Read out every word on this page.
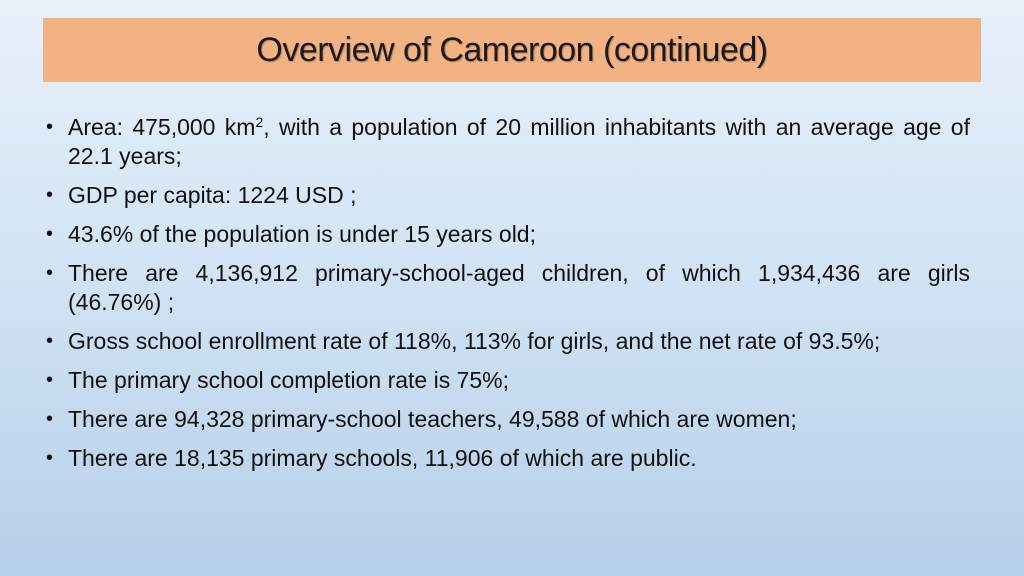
Overview of Cameroon (continued)
• Area: 475,000 $km^2$, with a population of 20 million inhabitants with an average age of 22.1 years;
• GDP per capita: 1224 USD ;
• 43.6% of the population is under 15 years old;
• There are 4,136,912 primary-school-aged children, of which 1,934,436 are girls (46.76%) ;
• Gross school enrollment rate of 118%, 113% for girls, and the net rate of 93.5%;
• The primary school completion rate is 75%;
• There are 94,328 primary-school teachers, 49,588 of which are women;
• There are 18,135 primary schools, 11,906 of which are public.
